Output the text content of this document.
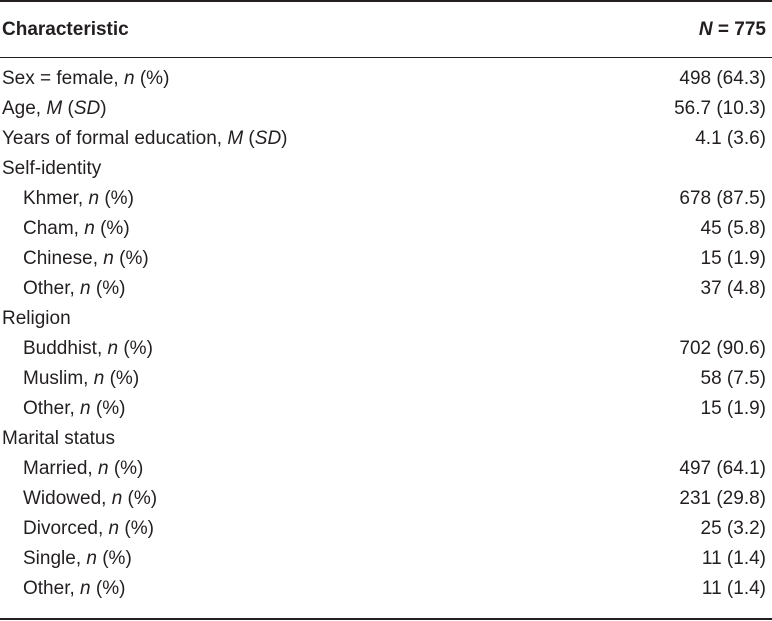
Characteristic	N = 775
Sex = female, n (%)	498 (64.3)
Age, M (SD)	56.7 (10.3)
Years of formal education, M (SD)	4.1 (3.6)
Self-identity
Khmer, n (%)	678 (87.5)
Cham, n (%)	45 (5.8)
Chinese, n (%)	15 (1.9)
Other, n (%)	37 (4.8)
Religion
Buddhist, n (%)	702 (90.6)
Muslim, n (%)	58 (7.5)
Other, n (%)	15 (1.9)
Marital status
Married, n (%)	497 (64.1)
Widowed, n (%)	231 (29.8)
Divorced, n (%)	25 (3.2)
Single, n (%)	11 (1.4)
Other, n (%)	11 (1.4)
